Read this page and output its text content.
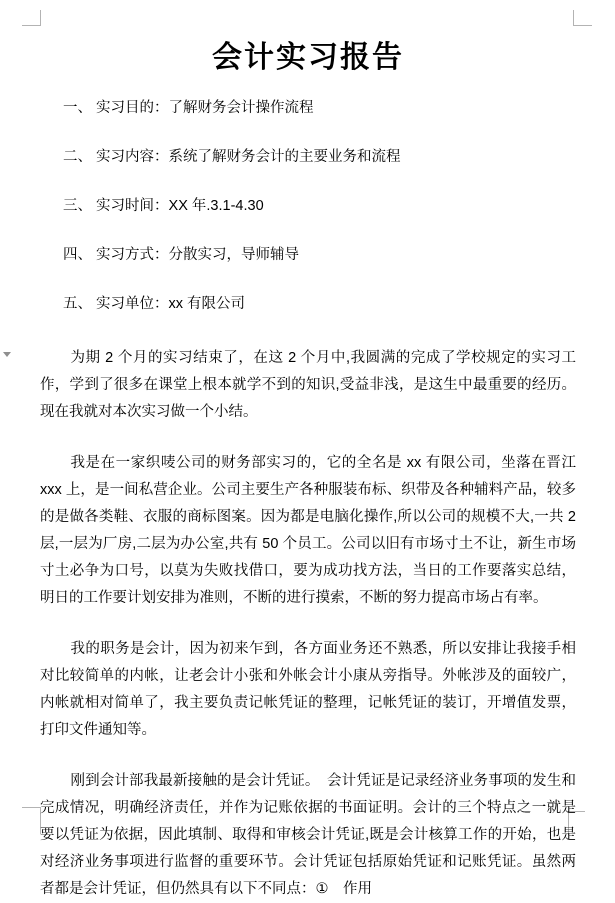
会计实习报告

一、 实习目的：了解财务会计操作流程

二、 实习内容：系统了解财务会计的主要业务和流程

三、 实习时间：XX 年.3.1-4.30

四、 实习方式：分散实习，导师辅导

五、 实习单位：xx 有限公司

为期 2 个月的实习结束了，在这 2 个月中,我圆满的完成了学校规定的实习工作，学到了很多在课堂上根本就学不到的知识,受益非浅，是这生中最重要的经历。现在我就对本次实习做一个小结。

我是在一家织唛公司的财务部实习的，它的全名是 xx 有限公司，坐落在晋江 xxx 上，是一间私营企业。公司主要生产各种服装布标、织带及各种辅料产品，较多的是做各类鞋、衣服的商标图案。因为都是电脑化操作,所以公司的规模不大,一共 2 层,一层为厂房,二层为办公室,共有 50 个员工。公司以旧有市场寸土不让，新生市场寸土必争为口号，以莫为失败找借口，要为成功找方法，当日的工作要落实总结，明日的工作要计划安排为准则，不断的进行摸索，不断的努力提高市场占有率。

我的职务是会计，因为初来乍到，各方面业务还不熟悉，所以安排让我接手相对比较简单的内帐，让老会计小张和外帐会计小康从旁指导。外帐涉及的面较广，内帐就相对简单了，我主要负责记帐凭证的整理，记帐凭证的装订，开增值发票，打印文件通知等。

刚到会计部我最新接触的是会计凭证。　会计凭证是记录经济业务事项的发生和完成情况，明确经济责任，并作为记账依据的书面证明。会计的三个特点之一就是要以凭证为依据，因此填制、取得和审核会计凭证,既是会计核算工作的开始，也是对经济业务事项进行监督的重要环节。会计凭证包括原始凭证和记账凭证。虽然两者都是会计凭证，但仍然具有以下不同点：①　作用
